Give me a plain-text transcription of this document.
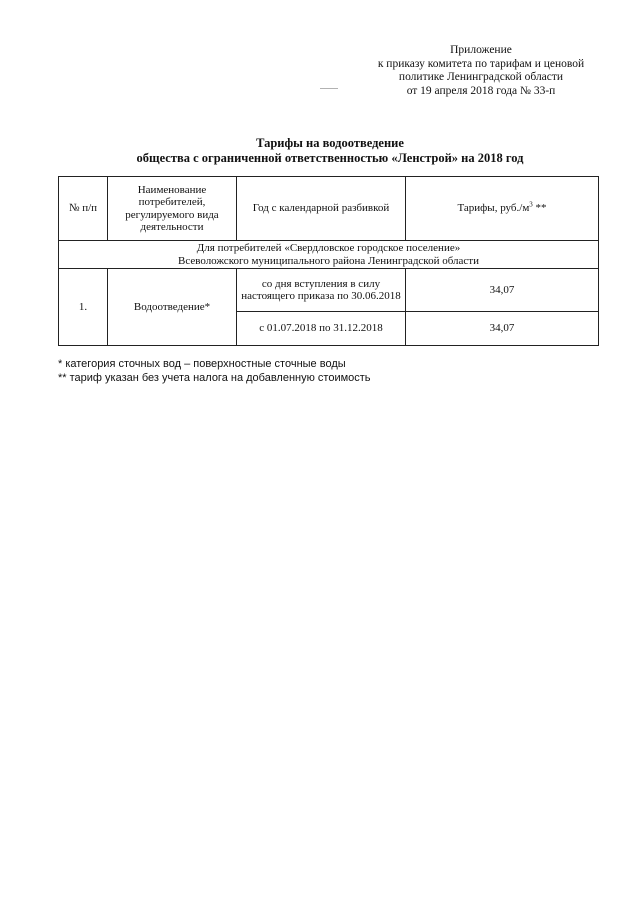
Приложение
к приказу комитета по тарифам и ценовой
политике Ленинградской области
от 19 апреля 2018 года № 33-п
Тарифы на водоотведение
общества с ограниченной ответственностью «Ленстрой» на 2018 год
№ п/п	Наименование потребителей, регулируемого вида деятельности	Год с календарной разбивкой	Тарифы, $руб./м^3$ **

Для потребителей «Свердловское городское поселение»
Всеволожского муниципального района Ленинградской области			

1.	Водоотведение*	со дня вступления в силу настоящего приказа по 30.06.2018	34,07
		с 01.07.2018 по 31.12.2018	34,07
* категория сточных вод – поверхностные сточные воды
** тариф указан без учета налога на добавленную стоимость
